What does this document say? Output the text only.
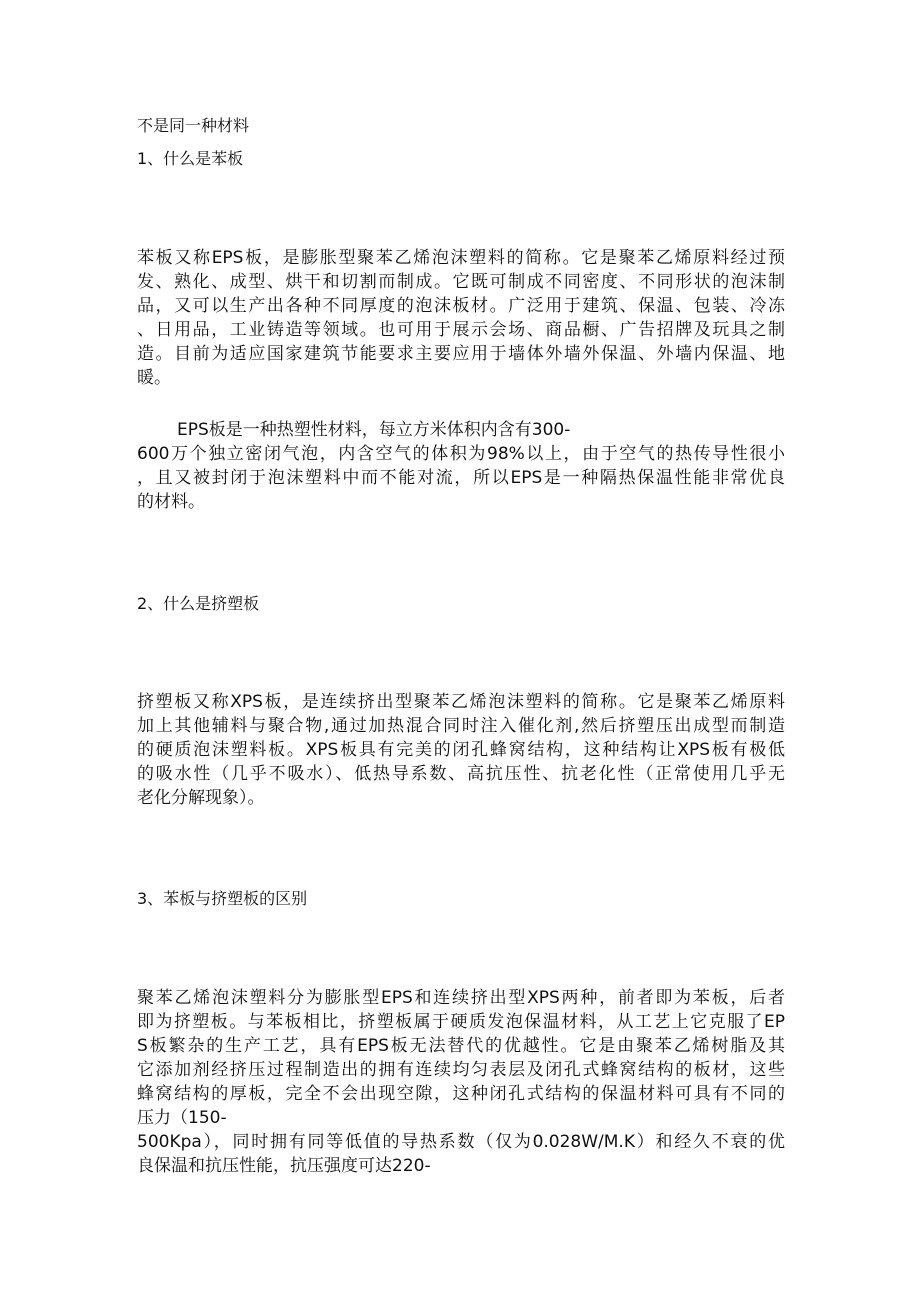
不是同一种材料
1、什么是苯板
苯板又称EPS板，是膨胀型聚苯乙烯泡沫塑料的简称。它是聚苯乙烯原料经过预
发、熟化、成型、烘干和切割而制成。它既可制成不同密度、不同形状的泡沫制
品，又可以生产出各种不同厚度的泡沫板材。广泛用于建筑、保温、包装、冷冻
、日用品，工业铸造等领域。也可用于展示会场、商品橱、广告招牌及玩具之制
造。目前为适应国家建筑节能要求主要应用于墙体外墙外保温、外墙内保温、地
暖。
EPS板是一种热塑性材料，每立方米体积内含有300-
600万个独立密闭气泡，内含空气的体积为98%以上，由于空气的热传导性很小
，且又被封闭于泡沫塑料中而不能对流，所以EPS是一种隔热保温性能非常优良
的材料。
2、什么是挤塑板
挤塑板又称XPS板，是连续挤出型聚苯乙烯泡沫塑料的简称。它是聚苯乙烯原料
加上其他辅料与聚合物,通过加热混合同时注入催化剂,然后挤塑压出成型而制造
的硬质泡沫塑料板。XPS板具有完美的闭孔蜂窝结构，这种结构让XPS板有极低
的吸水性（几乎不吸水）、低热导系数、高抗压性、抗老化性（正常使用几乎无
老化分解现象）。
3、苯板与挤塑板的区别
聚苯乙烯泡沫塑料分为膨胀型EPS和连续挤出型XPS两种，前者即为苯板，后者
即为挤塑板。与苯板相比，挤塑板属于硬质发泡保温材料，从工艺上它克服了EP
S板繁杂的生产工艺，具有EPS板无法替代的优越性。它是由聚苯乙烯树脂及其
它添加剂经挤压过程制造出的拥有连续均匀表层及闭孔式蜂窝结构的板材，这些
蜂窝结构的厚板，完全不会出现空隙，这种闭孔式结构的保温材料可具有不同的
压力（150-
500Kpa），同时拥有同等低值的导热系数（仅为0.028W/M.K）和经久不衰的优
良保温和抗压性能，抗压强度可达220-
